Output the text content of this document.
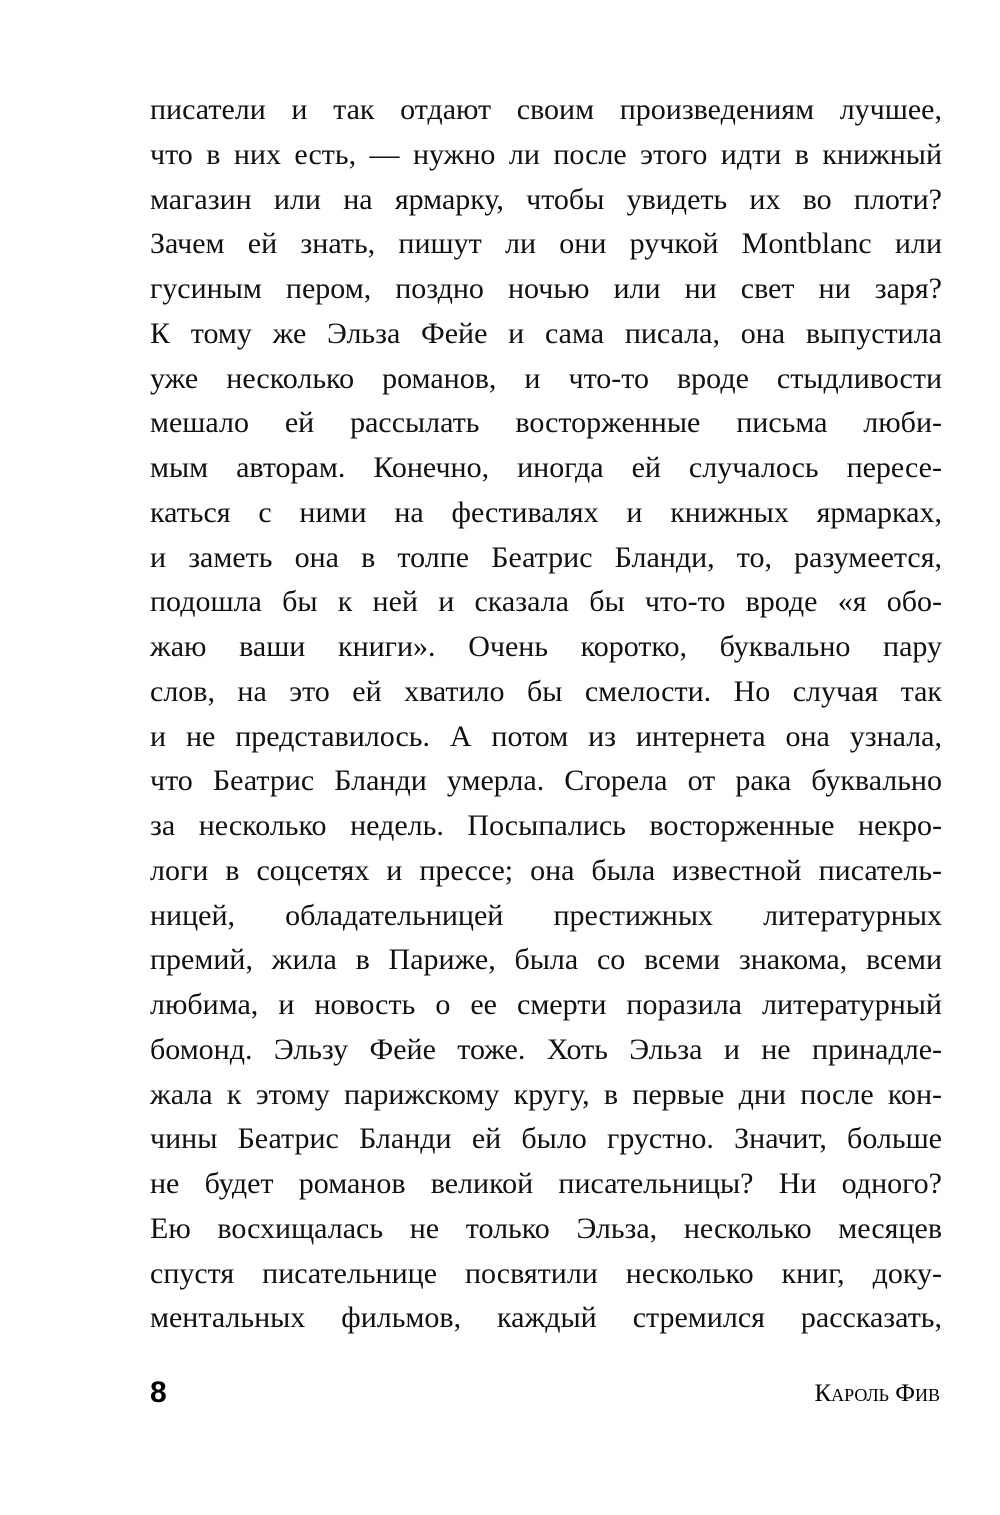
писатели и так отдают своим произведениям лучшее,
что в них есть, — нужно ли после этого идти в книжный
магазин или на ярмарку, чтобы увидеть их во плоти?
Зачем ей знать, пишут ли они ручкой Montblanc или
гусиным пером, поздно ночью или ни свет ни заря?
К тому же Эльза Фейе и сама писала, она выпустила
уже несколько романов, и что-то вроде стыдливости
мешало ей рассылать восторженные письма люби-
мым авторам. Конечно, иногда ей случалось пересе-
каться с ними на фестивалях и книжных ярмарках,
и заметь она в толпе Беатрис Бланди, то, разумеется,
подошла бы к ней и сказала бы что-то вроде «я обо-
жаю ваши книги». Очень коротко, буквально пару
слов, на это ей хватило бы смелости. Но случая так
и не представилось. А потом из интернета она узнала,
что Беатрис Бланди умерла. Сгорела от рака буквально
за несколько недель. Посыпались восторженные некро-
логи в соцсетях и прессе; она была известной писатель-
ницей, обладательницей престижных литературных
премий, жила в Париже, была со всеми знакома, всеми
любима, и новость о ее смерти поразила литературный
бомонд. Эльзу Фейе тоже. Хоть Эльза и не принадле-
жала к этому парижскому кругу, в первые дни после кон-
чины Беатрис Бланди ей было грустно. Значит, больше
не будет романов великой писательницы? Ни одного?
Ею восхищалась не только Эльза, несколько месяцев
спустя писательнице посвятили несколько книг, доку-
ментальных фильмов, каждый стремился рассказать,
8	Кароль Фив
